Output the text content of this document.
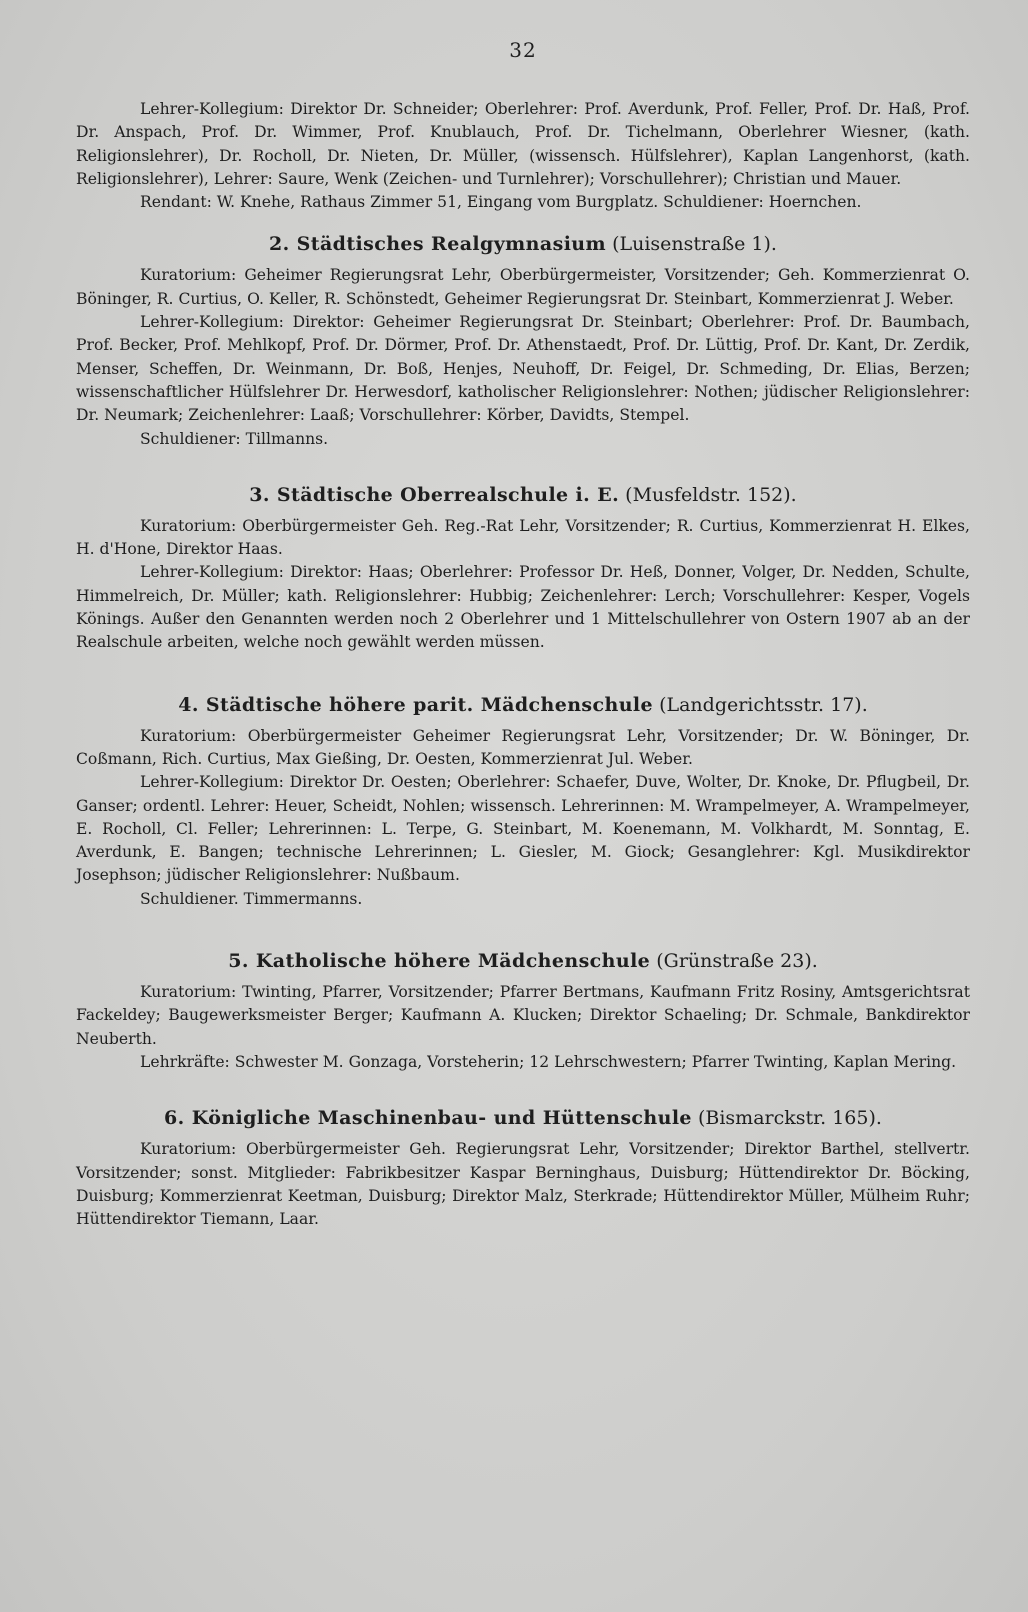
32

Lehrer-Kollegium: Direktor Dr. Schneider; Oberlehrer: Prof. Averdunk, Prof. Feller, Prof. Dr. Haß, Prof. Dr. Anspach, Prof. Dr. Wimmer, Prof. Knublauch, Prof. Dr. Tichelmann, Oberlehrer Wiesner, (kath. Religionslehrer), Dr. Rocholl, Dr. Nieten, Dr. Müller, (wissensch. Hülfslehrer), Kaplan Langenhorst, (kath. Religionslehrer), Lehrer: Saure, Wenk (Zeichen- und Turnlehrer); Vorschullehrer); Christian und Mauer.

Rendant: W. Knehe, Rathaus Zimmer 51, Eingang vom Burgplatz. Schuldiener: Hoernchen.

2. Städtisches Realgymnasium (Luisenstraße 1).

Kuratorium: Geheimer Regierungsrat Lehr, Oberbürgermeister, Vorsitzender; Geh. Kommerzienrat O. Böninger, R. Curtius, O. Keller, R. Schönstedt, Geheimer Regierungsrat Dr. Steinbart, Kommerzienrat J. Weber.

Lehrer-Kollegium: Direktor: Geheimer Regierungsrat Dr. Steinbart; Oberlehrer: Prof. Dr. Baumbach, Prof. Becker, Prof. Mehlkopf, Prof. Dr. Dörmer, Prof. Dr. Athenstaedt, Prof. Dr. Lüttig, Prof. Dr. Kant, Dr. Zerdik, Menser, Scheffen, Dr. Weinmann, Dr. Boß, Henjes, Neuhoff, Dr. Feigel, Dr. Schmeding, Dr. Elias, Berzen; wissenschaftlicher Hülfslehrer Dr. Herwesdorf, katholischer Religionslehrer: Nothen; jüdischer Religionslehrer: Dr. Neumark; Zeichenlehrer: Laaß; Vorschullehrer: Körber, Davidts, Stempel.

Schuldiener: Tillmanns.

3. Städtische Oberrealschule i. E. (Musfeldstr. 152).

Kuratorium: Oberbürgermeister Geh. Reg.-Rat Lehr, Vorsitzender; R. Curtius, Kommerzienrat H. Elkes, H. d'Hone, Direktor Haas.

Lehrer-Kollegium: Direktor: Haas; Oberlehrer: Professor Dr. Heß, Donner, Volger, Dr. Nedden, Schulte, Himmelreich, Dr. Müller; kath. Religionslehrer: Hubbig; Zeichenlehrer: Lerch; Vorschullehrer: Kesper, Vogels Könings. Außer den Genannten werden noch 2 Oberlehrer und 1 Mittelschullehrer von Ostern 1907 ab an der Realschule arbeiten, welche noch gewählt werden müssen.

4. Städtische höhere parit. Mädchenschule (Landgerichtsstr. 17).

Kuratorium: Oberbürgermeister Geheimer Regierungsrat Lehr, Vorsitzender; Dr. W. Böninger, Dr. Coßmann, Rich. Curtius, Max Gießing, Dr. Oesten, Kommerzienrat Jul. Weber.

Lehrer-Kollegium: Direktor Dr. Oesten; Oberlehrer: Schaefer, Duve, Wolter, Dr. Knoke, Dr. Pflugbeil, Dr. Ganser; ordentl. Lehrer: Heuer, Scheidt, Nohlen; wissensch. Lehrerinnen: M. Wrampelmeyer, A. Wrampelmeyer, E. Rocholl, Cl. Feller; Lehrerinnen: L. Terpe, G. Steinbart, M. Koenemann, M. Volkhardt, M. Sonntag, E. Averdunk, E. Bangen; technische Lehrerinnen; L. Giesler, M. Giock; Gesanglehrer: Kgl. Musikdirektor Josephson; jüdischer Religionslehrer: Nußbaum.

Schuldiener. Timmermanns.

5. Katholische höhere Mädchenschule (Grünstraße 23).

Kuratorium: Twinting, Pfarrer, Vorsitzender; Pfarrer Bertmans, Kaufmann Fritz Rosiny, Amtsgerichtsrat Fackeldey; Baugewerksmeister Berger; Kaufmann A. Klucken; Direktor Schaeling; Dr. Schmale, Bankdirektor Neuberth.

Lehrkräfte: Schwester M. Gonzaga, Vorsteherin; 12 Lehrschwestern; Pfarrer Twinting, Kaplan Mering.

6. Königliche Maschinenbau- und Hüttenschule (Bismarckstr. 165).

Kuratorium: Oberbürgermeister Geh. Regierungsrat Lehr, Vorsitzender; Direktor Barthel, stellvertr. Vorsitzender; sonst. Mitglieder: Fabrikbesitzer Kaspar Berninghaus, Duisburg; Hüttendirektor Dr. Böcking, Duisburg; Kommerzienrat Keetman, Duisburg; Direktor Malz, Sterkrade; Hüttendirektor Müller, Mülheim Ruhr; Hüttendirektor Tiemann, Laar.
